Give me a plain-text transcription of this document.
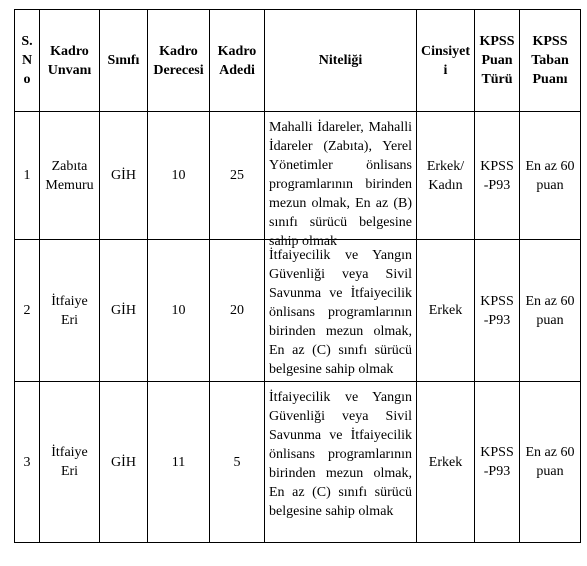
S. N o	Kadro Unvanı	Sınıfı	Kadro Derecesi	Kadro Adedi	Niteliği	Cinsiyeti	KPSS Puan Türü	KPSS Taban Puanı
1	Zabıta Memuru	GİH	10	25	Mahalli İdareler, Mahalli İdareler (Zabıta), Yerel Yönetimler önlisans programlarının birinden mezun olmak, En az (B) sınıfı sürücü belgesine sahip olmak	Erkek/ Kadın	KPSS -P93	En az 60 puan
2	İtfaiye Eri	GİH	10	20	İtfaiyecilik ve Yangın Güvenliği veya Sivil Savunma ve İtfaiyecilik önlisans programlarının birinden mezun olmak, En az (C) sınıfı sürücü belgesine sahip olmak	Erkek	KPSS -P93	En az 60 puan
3	İtfaiye Eri	GİH	11	5	İtfaiyecilik ve Yangın Güvenliği veya Sivil Savunma ve İtfaiyecilik önlisans programlarının birinden mezun olmak, En az (C) sınıfı sürücü belgesine sahip olmak	Erkek	KPSS -P93	En az 60 puan
